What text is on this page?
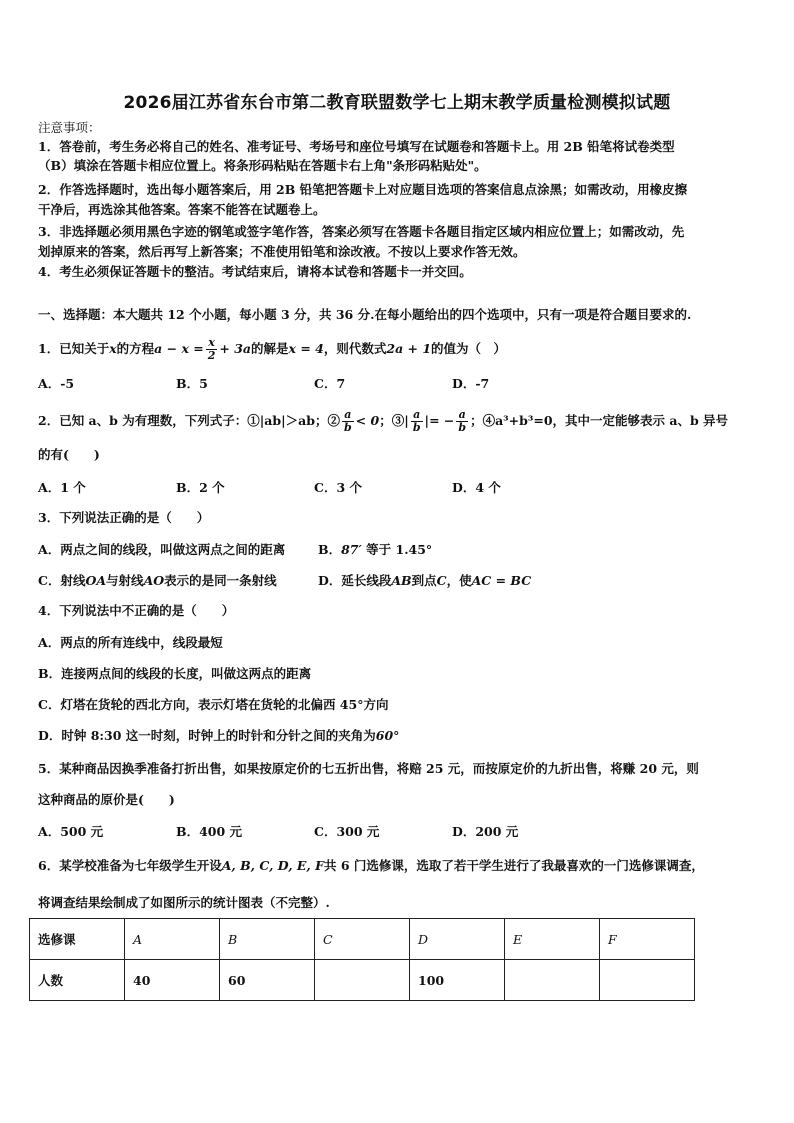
2026届江苏省东台市第二教育联盟数学七上期末教学质量检测模拟试题
注意事项：
1．答卷前，考生务必将自己的姓名、准考证号、考场号和座位号填写在试题卷和答题卡上。用 2B 铅笔将试卷类型
（B）填涂在答题卡相应位置上。将条形码粘贴在答题卡右上角"条形码粘贴处"。
2．作答选择题时，选出每小题答案后，用 2B 铅笔把答题卡上对应题目选项的答案信息点涂黑；如需改动，用橡皮擦
干净后，再选涂其他答案。答案不能答在试题卷上。
3．非选择题必须用黑色字迹的钢笔或签字笔作答，答案必须写在答题卡各题目指定区域内相应位置上；如需改动，先
划掉原来的答案，然后再写上新答案；不准使用铅笔和涂改液。不按以上要求作答无效。
4．考生必须保证答题卡的整洁。考试结束后，请将本试卷和答题卡一并交回。
一、选择题：本大题共 12 个小题，每小题 3 分，共 36 分.在每小题给出的四个选项中，只有一项是符合题目要求的.
1．已知关于x的方程$a - x = \frac{x}{2} + 3a$的解是x = 4，则代数式2a + 1的值为（　）
A．-5	B．5	C．7	D．-7
2．已知 a、b 为有理数，下列式子：①|ab|＞ab；② $\frac{a}{b} < 0$；③| $\frac{a}{b}$ |= − $\frac{a}{b}$ ；④a³+b³=0，其中一定能够表示 a、b 异号
的有(　　)
A．1 个	B．2 个	C．3 个	D．4 个
3．下列说法正确的是（　　）
A．两点之间的线段，叫做这两点之间的距离	B．87′ 等于 1.45°
C．射线OA与射线AO表示的是同一条射线	D．延长线段AB到点C，使AC = BC
4．下列说法中不正确的是（　　）
A．两点的所有连线中，线段最短
B．连接两点间的线段的长度，叫做这两点的距离
C．灯塔在货轮的西北方向，表示灯塔在货轮的北偏西 45°方向
D．时钟 8:30 这一时刻，时钟上的时针和分针之间的夹角为60°
5．某种商品因换季准备打折出售，如果按原定价的七五折出售，将赔 25 元，而按原定价的九折出售，将赚 20 元，则
这种商品的原价是(　　)
A．500 元	B．400 元	C．300 元	D．200 元
6．某学校准备为七年级学生开设A, B, C, D, E, F共 6 门选修课，选取了若干学生进行了我最喜欢的一门选修课调查，
将调查结果绘制成了如图所示的统计图表（不完整）.
选修课	A	B	C	D	E	F
人数	40	60		100		
